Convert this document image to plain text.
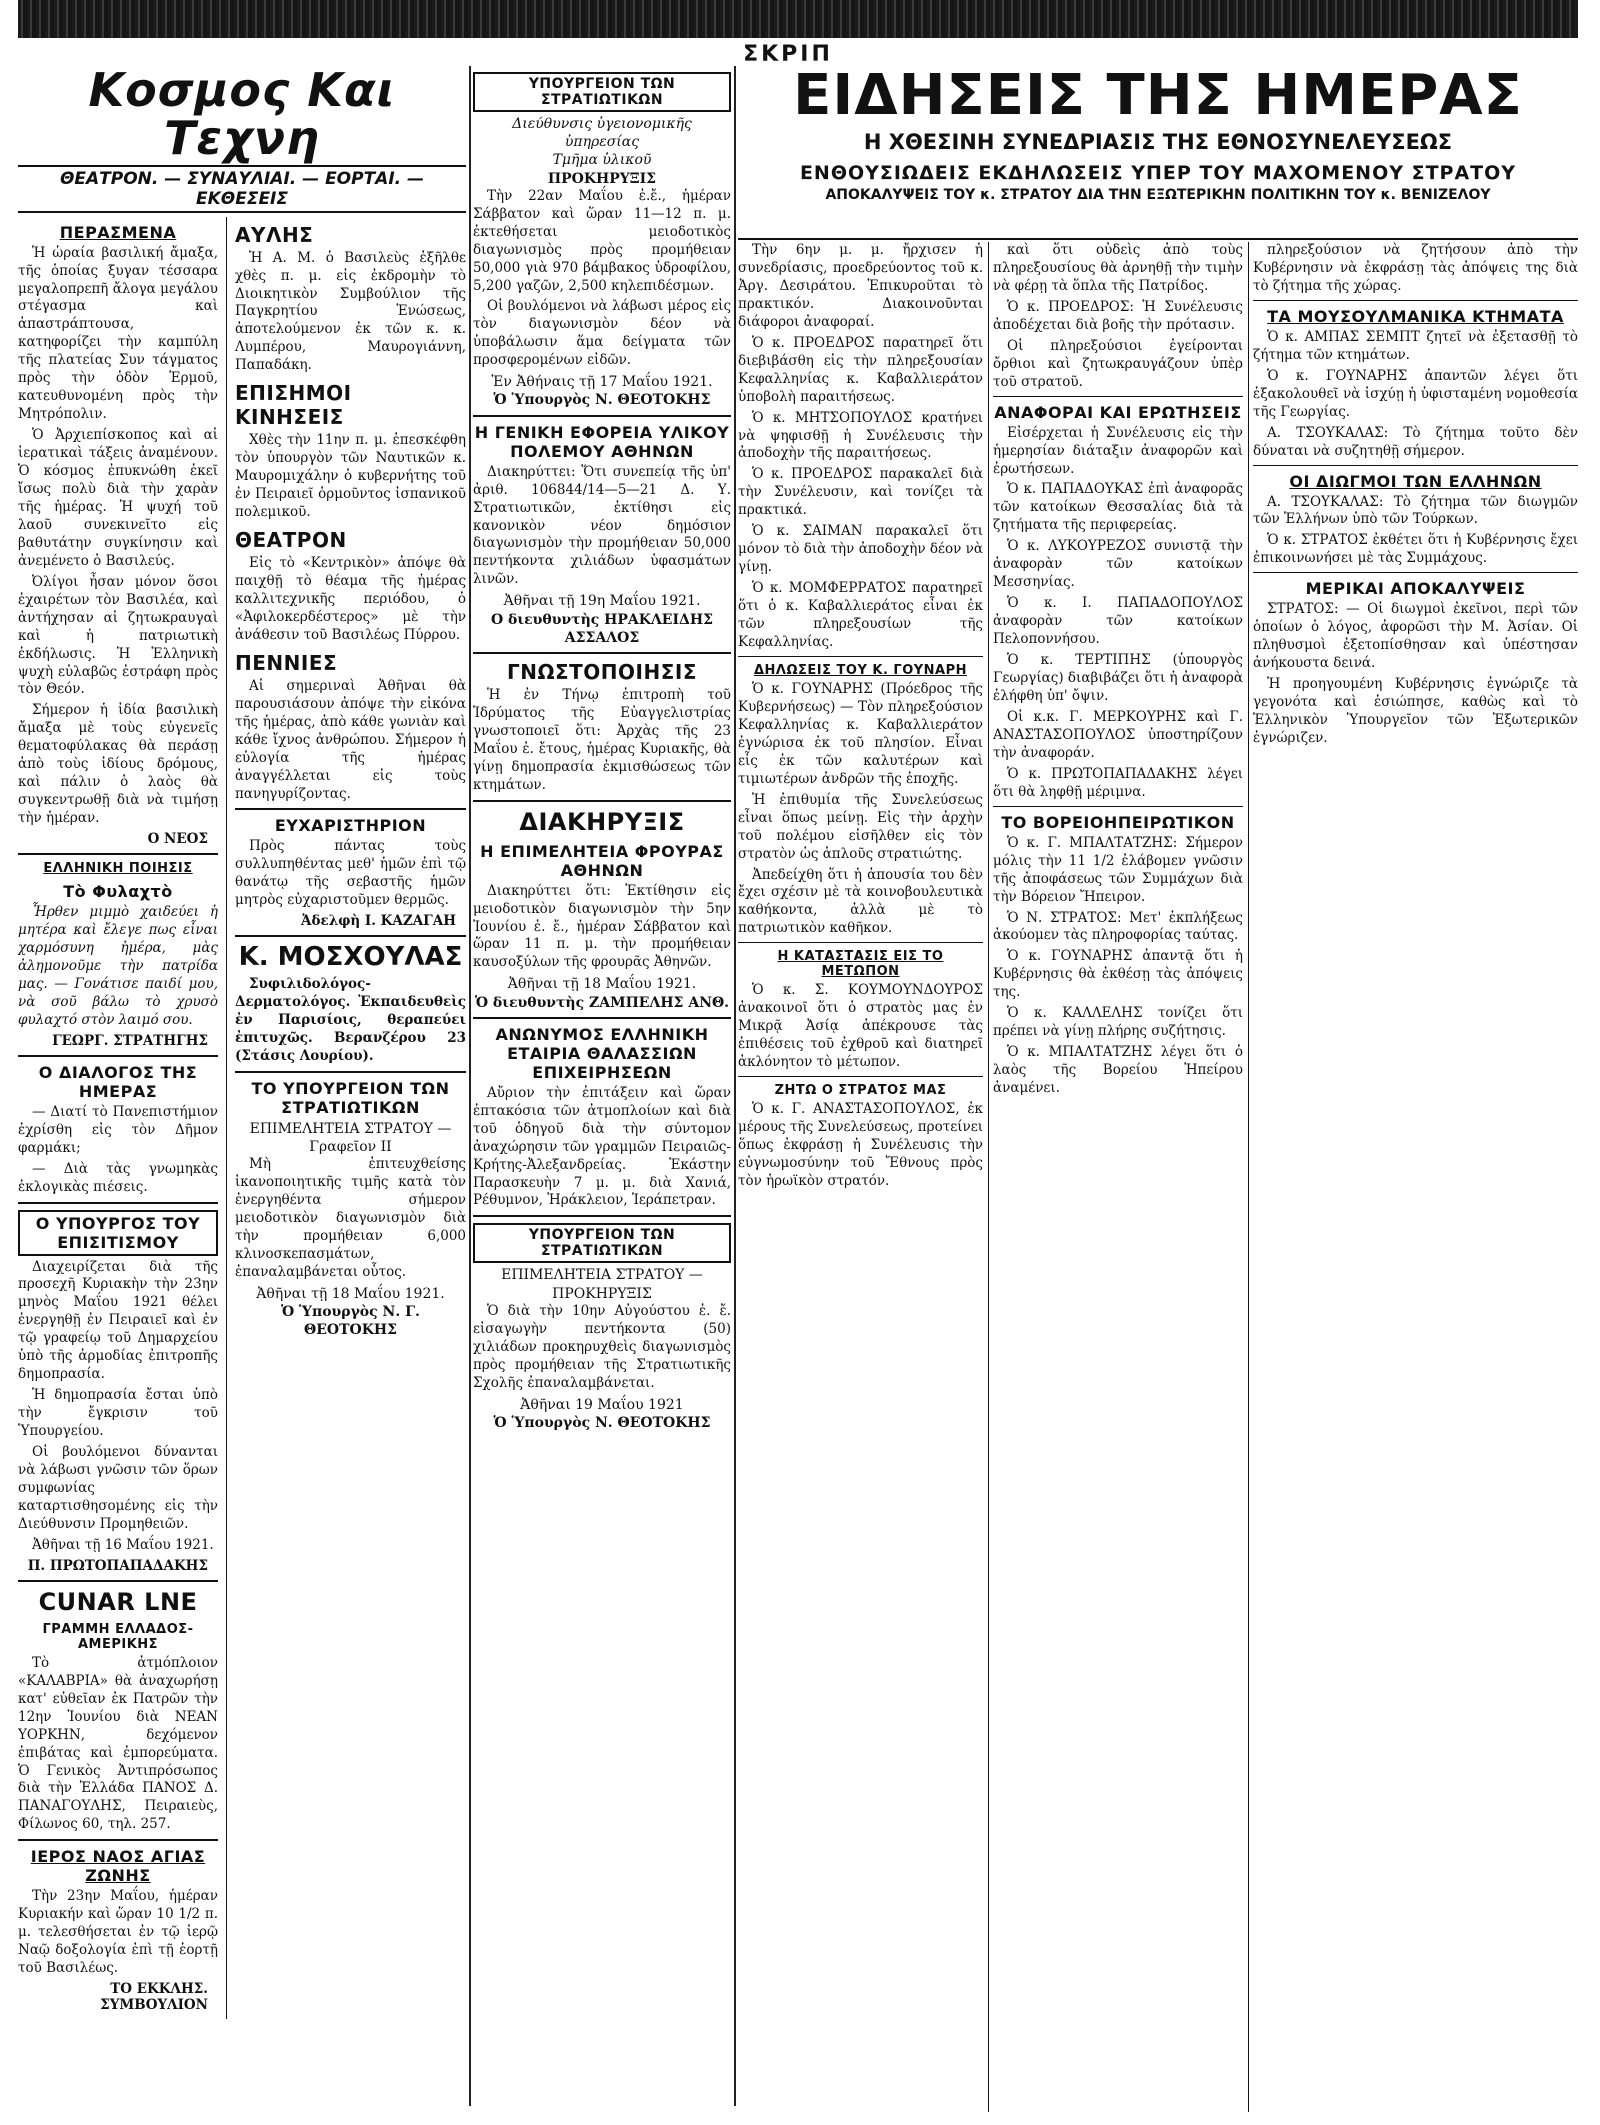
ΣΚΡΙΠ
Κοσμος Και Τεχνη
ΘΕΑΤΡΟΝ. — ΣΥΝΑΥΛΙΑΙ. — ΕΟΡΤΑΙ. — ΕΚΘΕΣΕΙΣ
ΠΕΡΑΣΜΕΝΑ

Ἡ ὡραία βασιλική ἄμαξα, τῆς ὁποίας ξυγαν τέσσαρα μεγαλοπρεπῆ ἄλογα μεγάλου στέγασμα καὶ ἀπαστράπτουσα, κατηφορίζει τὴν καμπύλη τῆς πλατείας Συν τάγματος πρὸς τὴν ὁδὸν Ἑρμοῦ, κατευθυνομένη πρὸς τὴν Μητρόπολιν.

Ὁ Ἀρχιεπίσκοπος καὶ αἱ ἱερατικαὶ τάξεις ἀναμένουν. Ὁ κόσμος ἐπυκνώθη ἐκεῖ ἴσως πολὺ διὰ τὴν χαρὰν τῆς ἡμέρας. Ἡ ψυχή τοῦ λαοῦ συνεκινεῖτο εἰς βαθυτάτην συγκίνησιν καὶ ἀνεμένετο ὁ Βασιλεύς.

Ὀλίγοι ἦσαν μόνον ὅσοι ἐχαιρέτων τὸν Βασιλέα, καὶ ἀντήχησαν αἱ ζητωκραυγαὶ καὶ ἡ πατριωτικὴ ἐκδήλωσις. Ἡ Ἑλληνικὴ ψυχὴ εὐλαβῶς ἐστράφη πρὸς τὸν Θεόν.

Σήμερον ἡ ἰδία βασιλικὴ ἄμαξα μὲ τοὺς εὐγενεῖς θεματοφύλακας θὰ περάσῃ ἀπὸ τοὺς ἰδίους δρόμους, καὶ πάλιν ὁ λαὸς θὰ συγκεντρωθῇ διὰ νὰ τιμήσῃ τὴν ἡμέραν.

Ο ΝΕΟΣ
ΕΛΛΗΝΙΚΗ ΠΟΙΗΣΙΣ
Τὸ Φυλαχτὸ

Ἦρθεν μιμμὸ χαιδεύει ἡ μητέρα καὶ ἔλεγε πως εἶναι χαρμόσυνη ἡμέρα, μὰς ἀλημονοῦμε τὴν πατρίδα μας. — Γονάτισε παιδί μου, νὰ σοῦ βάλω τὸ χρυσὸ φυλαχτό στὸν λαιμό σου.

ΓΕΩΡΓ. ΣΤΡΑΤΗΓΗΣ
Ο ΔΙΑΛΟΓΟΣ ΤΗΣ ΗΜΕΡΑΣ

— Διατί τὸ Πανεπιστήμιον ἐχρίσθη εἰς τὸν Δῆμον φαρμάκι;

— Διὰ τὰς γνωμηκὰς ἐκλογικὰς πιέσεις.

Ο ΥΠΟΥΡΓΟΣ ΤΟΥ ΕΠΙΣΙΤΙΣΜΟΥ

Διαχειρίζεται διὰ τῆς προσεχῆ Κυριακὴν τὴν 23ην μηνὸς Μαΐου 1921 θέλει ἐνεργηθῇ ἐν Πειραιεῖ καὶ ἐν τῷ γραφείῳ τοῦ Δημαρχείου ὑπὸ τῆς ἀρμοδίας ἐπιτροπῆς δημοπρασία.

Ἡ δημοπρασία ἔσται ὑπὸ τὴν ἔγκρισιν τοῦ Ὑπουργείου.

Οἱ βουλόμενοι δύνανται νὰ λάβωσι γνῶσιν τῶν ὅρων συμφωνίας καταρτισθησομένης εἰς τὴν Διεύθυνσιν Προμηθειῶν.

Ἀθῆναι τῇ 16 Μαΐου 1921.

Π. ΠΡΩΤΟΠΑΠΑΔΑΚΗΣ
CUNAR LNE
ΓΡΑΜΜΗ ΕΛΛΑΔΟΣ-ΑΜΕΡΙΚΗΣ

Τὸ ἀτμόπλοιον «ΚΑΛΑΒΡΙΑ» θὰ ἀναχωρήσῃ κατ' εὐθεῖαν ἐκ Πατρῶν τὴν 12ην Ἰουνίου διὰ ΝΕΑΝ ΥΟΡΚΗΝ, δεχόμενον ἐπιβάτας καὶ ἐμπορεύματα. Ὁ Γενικὸς Ἀντιπρόσωπος διὰ τὴν Ἑλλάδα ΠΑΝΟΣ Δ. ΠΑΝΑΓΟΥΛΗΣ, Πειραιεὺς, Φίλωνος 60, τηλ. 257.

ΙΕΡΟΣ ΝΑΟΣ ΑΓΙΑΣ ΖΩΝΗΣ

Τὴν 23ην Μαΐου, ἡμέραν Κυριακήν καὶ ὥραν 10 1/2 π. μ. τελεσθήσεται ἐν τῷ ἱερῷ Ναῷ δοξολογία ἐπὶ τῇ ἑορτῇ τοῦ Βασιλέως.

ΤΟ ΕΚΚΛΗΣ. ΣΥΜΒΟΥΛΙΟΝ
ΑΥΛΗΣ

Ἡ Α. Μ. ὁ Βασιλεὺς ἐξῆλθε χθὲς π. μ. εἰς ἐκδρομὴν τὸ Διοικητικὸν Συμβούλιον τῆς Παγκρητίου Ἑνώσεως, ἀποτελούμενον ἐκ τῶν κ. κ. Λυμπέρου, Μαυρογιάννη, Παπαδάκη.

ΕΠΙΣΗΜΟΙ ΚΙΝΗΣΕΙΣ

Χθὲς τὴν 11ην π. μ. ἐπεσκέφθη τὸν ὑπουργὸν τῶν Ναυτικῶν κ. Μαυρομιχάλην ὁ κυβερνήτης τοῦ ἐν Πειραιεῖ ὁρμοῦντος ἰσπανικοῦ πολεμικοῦ.

ΘΕΑΤΡΟΝ

Εἰς τὸ «Κεντρικὸν» ἀπόψε θὰ παιχθῇ τὸ θέαμα τῆς ἡμέρας καλλιτεχνικῆς περιόδου, ὁ «Ἀφιλοκερδέστερος» μὲ τὴν ἀνάθεσιν τοῦ Βασιλέως Πύρρου.

ΠΕΝΝΙΕΣ

Αἱ σημεριναὶ Ἀθῆναι θὰ παρουσιάσουν ἀπόψε τὴν εἰκόνα τῆς ἡμέρας, ἀπὸ κάθε γωνιὰν καὶ κάθε ἴχνος ἀνθρώπου. Σήμερον ἡ εὐλογία τῆς ἡμέρας ἀναγγέλλεται εἰς τοὺς πανηγυρίζοντας.

ΕΥΧΑΡΙΣΤΗΡΙΟΝ

Πρὸς πάντας τοὺς συλλυπηθέντας μεθ' ἡμῶν ἐπὶ τῷ θανάτῳ τῆς σεβαστῆς ἡμῶν μητρὸς εὐχαριστοῦμεν θερμῶς.

Ἀδελφὴ Ι. ΚΑΖΑΓΑΗ
Κ. ΜΟΣΧΟΥΛΑΣ

Συφιλιδολόγος-Δερματολόγος. Ἐκπαιδευθεὶς ἐν Παρισίοις, θεραπεύει ἐπιτυχῶς. Βερανζέρου 23 (Στάσις Λουρίου).

ΤΟ ΥΠΟΥΡΓΕΙΟΝ ΤΩΝ ΣΤΡΑΤΙΩΤΙΚΩΝ
ΕΠΙΜΕΛΗΤΕΙΑ ΣΤΡΑΤΟΥ — Γραφεῖον ΙΙ

Μὴ ἐπιτευχθείσης ἱκανοποιητικῆς τιμῆς κατὰ τὸν ἐνεργηθέντα σήμερον μειοδοτικὸν διαγωνισμὸν διὰ τὴν προμήθειαν 6,000 κλινοσκεπασμάτων, ἐπαναλαμβάνεται οὗτος.

Ἀθῆναι τῇ 18 Μαΐου 1921.
Ὁ Ὑπουργὸς Ν. Γ. ΘΕΟΤΟΚΗΣ
ΥΠΟΥΡΓΕΙΟΝ ΤΩΝ ΣΤΡΑΤΙΩΤΙΚΩΝ
Διεύθυνσις ὑγειονομικῆς ὑπηρεσίας
Τμῆμα ὑλικοῦ
ΠΡΟΚΗΡΥΞΙΣ

Τὴν 22αν Μαΐου ἐ.ἔ., ἡμέραν Σάββατον καὶ ὥραν 11—12 π. μ. ἐκτεθήσεται μειοδοτικὸς διαγωνισμὸς πρὸς προμήθειαν 50,000 γιὰ 970 βάμβακος ὑδροφίλου, 5,200 γαζῶν, 2,500 κηλεπιδέσμων.

Οἱ βουλόμενοι νὰ λάβωσι μέρος εἰς τὸν διαγωνισμὸν δέον νὰ ὑποβάλωσιν ἅμα δείγματα τῶν προσφερομένων εἰδῶν.

Ἐν Ἀθήναις τῇ 17 Μαΐου 1921.
Ὁ Ὑπουργὸς Ν. ΘΕΟΤΟΚΗΣ
Η ΓΕΝΙΚΗ ΕΦΟΡΕΙΑ ΥΛΙΚΟΥ ΠΟΛΕΜΟΥ ΑΘΗΝΩΝ

Διακηρύττει: Ὅτι συνεπείᾳ τῆς ὑπ' ἀριθ. 106844/14—5—21 Δ. Υ. Στρατιωτικῶν, ἐκτίθησι εἰς κανονικὸν νέον δημόσιον διαγωνισμὸν τὴν προμήθειαν 50,000 πεντήκοντα χιλιάδων ὑφασμάτων λινῶν.

Ἀθῆναι τῇ 19η Μαΐου 1921.
Ο διευθυντὴς ΗΡΑΚΛΕΙΔΗΣ ΑΣΣΑΛΟΣ
ΓΝΩΣΤΟΠΟΙΗΣΙΣ

Ἡ ἐν Τήνῳ ἐπιτροπὴ τοῦ Ἱδρύματος τῆς Εὐαγγελιστρίας γνωστοποιεῖ ὅτι: Ἀρχὰς τῆς 23 Μαΐου ἐ. ἔτους, ἡμέρας Κυριακῆς, θὰ γίνῃ δημοπρασία ἐκμισθώσεως τῶν κτημάτων.

ΔΙΑΚΗΡΥΞΙΣ
Η ΕΠΙΜΕΛΗΤΕΙΑ ΦΡΟΥΡΑΣ ΑΘΗΝΩΝ

Διακηρύττει ὅτι: Ἐκτίθησιν εἰς μειοδοτικὸν διαγωνισμὸν τὴν 5ην Ἰουνίου ἐ. ἔ., ἡμέραν Σάββατον καὶ ὥραν 11 π. μ. τὴν προμήθειαν καυσοξύλων τῆς φρουρᾶς Ἀθηνῶν.

Ἀθῆναι τῇ 18 Μαΐου 1921.
Ὁ διευθυντὴς ΖΑΜΠΕΛΗΣ ΑΝΘ.
ΑΝΩΝΥΜΟΣ ΕΛΛΗΝΙΚΗ ΕΤΑΙΡΙΑ ΘΑΛΑΣΣΙΩΝ ΕΠΙΧΕΙΡΗΣΕΩΝ

Αὔριον τὴν ἐπιτάξειν καὶ ὥραν ἐπτακόσια τῶν ἀτμοπλοίων καὶ διὰ τοῦ ὁδηγοῦ διὰ τὴν σύντομον ἀναχώρησιν τῶν γραμμῶν Πειραιῶς-Κρήτης-Ἀλεξανδρείας. Ἐκάστην Παρασκευὴν 7 μ. μ. διὰ Χανιά, Ρέθυμνον, Ἡράκλειον, Ἱεράπετραν.

ΥΠΟΥΡΓΕΙΟΝ ΤΩΝ ΣΤΡΑΤΙΩΤΙΚΩΝ
ΕΠΙΜΕΛΗΤΕΙΑ ΣΤΡΑΤΟΥ — ΠΡΟΚΗΡΥΞΙΣ

Ὁ διὰ τὴν 10ην Αὐγούστου ἐ. ἔ. εἰσαγωγὴν πεντήκοντα (50) χιλιάδων προκηρυχθεὶς διαγωνισμὸς πρὸς προμήθειαν τῆς Στρατιωτικῆς Σχολῆς ἐπαναλαμβάνεται.

Ἀθῆναι 19 Μαΐου 1921
Ὁ Ὑπουργὸς Ν. ΘΕΟΤΟΚΗΣ
ΕΙΔΗΣΕΙΣ ΤΗΣ ΗΜΕΡΑΣ
Η ΧΘΕΣΙΝΗ ΣΥΝΕΔΡΙΑΣΙΣ ΤΗΣ ΕΘΝΟΣΥΝΕΛΕΥΣΕΩΣ
ΕΝΘΟΥΣΙΩΔΕΙΣ ΕΚΔΗΛΩΣΕΙΣ ΥΠΕΡ ΤΟΥ ΜΑΧΟΜΕΝΟΥ ΣΤΡΑΤΟΥ
ΑΠΟΚΑΛΥΨΕΙΣ ΤΟΥ κ. ΣΤΡΑΤΟΥ ΔΙΑ ΤΗΝ ΕΞΩΤΕΡΙΚΗΝ ΠΟΛΙΤΙΚΗΝ ΤΟΥ κ. ΒΕΝΙΖΕΛΟΥ

Τὴν 6ην μ. μ. ἤρχισεν ἡ συνεδρίασις, προεδρεύοντος τοῦ κ. Ἀργ. Δεσιράτου. Ἐπικυροῦται τὸ πρακτικόν. Διακοινοῦνται διάφοροι ἀναφοραί.

Ὁ κ. ΠΡΟΕΔΡΟΣ παρατηρεῖ ὅτι διεβιβάσθη εἰς τὴν πληρεξουσίαν Κεφαλληνίας κ. Καβαλλιεράτον ὑποβολὴ παραιτήσεως.

Ὁ κ. ΜΗΤΣΟΠΟΥΛΟΣ κρατήνει νὰ ψηφισθῇ ἡ Συνέλευσις τὴν ἀποδοχὴν τῆς παραιτήσεως.

Ὁ κ. ΠΡΟΕΔΡΟΣ παρακαλεῖ διὰ τὴν Συνέλευσιν, καὶ τονίζει τὰ πρακτικά.

Ὁ κ. ΣΑΙΜΑΝ παρακαλεῖ ὅτι μόνον τὸ διὰ τὴν ἀποδοχὴν δέον νὰ γίνῃ.

Ὁ κ. ΜΟΜΦΕΡΡΑΤΟΣ παρατηρεῖ ὅτι ὁ κ. Καβαλλιεράτος εἶναι ἐκ τῶν πληρεξουσίων τῆς Κεφαλληνίας.

ΔΗΛΩΣΕΙΣ ΤΟΥ Κ. ΓΟΥΝΑΡΗ

Ὁ κ. ΓΟΥΝΑΡΗΣ (Πρόεδρος τῆς Κυβερνήσεως) — Τὸν πληρεξούσιον Κεφαλληνίας κ. Καβαλλιεράτον ἐγνώρισα ἐκ τοῦ πλησίον. Εἶναι εἷς ἐκ τῶν καλυτέρων καὶ τιμιωτέρων ἀνδρῶν τῆς ἐποχῆς.

Ἡ ἐπιθυμία τῆς Συνελεύσεως εἶναι ὅπως μείνῃ. Εἰς τὴν ἀρχὴν τοῦ πολέμου εἰσῆλθεν εἰς τὸν στρατὸν ὡς ἁπλοῦς στρατιώτης.

Ἀπεδείχθη ὅτι ἡ ἀπουσία του δὲν ἔχει σχέσιν μὲ τὰ κοινοβουλευτικὰ καθήκοντα, ἀλλὰ μὲ τὸ πατριωτικὸν καθῆκον.

Η ΚΑΤΑΣΤΑΣΙΣ ΕΙΣ ΤΟ ΜΕΤΩΠΟΝ

Ὁ κ. Σ. ΚΟΥΜΟΥΝΔΟΥΡΟΣ ἀνακοινοῖ ὅτι ὁ στρατὸς μας ἐν Μικρᾷ Ἀσίᾳ ἀπέκρουσε τὰς ἐπιθέσεις τοῦ ἐχθροῦ καὶ διατηρεῖ ἀκλόνητον τὸ μέτωπον.

ΖΗΤΩ Ο ΣΤΡΑΤΟΣ ΜΑΣ

Ὁ κ. Γ. ΑΝΑΣΤΑΣΟΠΟΥΛΟΣ, ἐκ μέρους τῆς Συνελεύσεως, προτείνει ὅπως ἐκφράσῃ ἡ Συνέλευσις τὴν εὐγνωμοσύνην τοῦ Ἔθνους πρὸς τὸν ἡρωϊκὸν στρατόν.

καὶ ὅτι οὐδεὶς ἀπὸ τοὺς πληρεξουσίους θὰ ἀρνηθῇ τὴν τιμὴν νὰ φέρῃ τὰ ὅπλα τῆς Πατρίδος.

Ὁ κ. ΠΡΟΕΔΡΟΣ: Ἡ Συνέλευσις ἀποδέχεται διὰ βοῆς τὴν πρότασιν.

Οἱ πληρεξούσιοι ἐγείρονται ὄρθιοι καὶ ζητωκραυγάζουν ὑπὲρ τοῦ στρατοῦ.

ΑΝΑΦΟΡΑΙ ΚΑΙ ΕΡΩΤΗΣΕΙΣ

Εἰσέρχεται ἡ Συνέλευσις εἰς τὴν ἡμερησίαν διάταξιν ἀναφορῶν καὶ ἐρωτήσεων.

Ὁ κ. ΠΑΠΑΔΟΥΚΑΣ ἐπὶ ἀναφορᾶς τῶν κατοίκων Θεσσαλίας διὰ τὰ ζητήματα τῆς περιφερείας.

Ὁ κ. ΛΥΚΟΥΡΕΖΟΣ συνιστᾷ τὴν ἀναφορὰν τῶν κατοίκων Μεσσηνίας.

Ὁ κ. Ι. ΠΑΠΑΔΟΠΟΥΛΟΣ ἀναφορὰν τῶν κατοίκων Πελοποννήσου.

Ὁ κ. ΤΕΡΤΙΠΗΣ (ὑπουργὸς Γεωργίας) διαβιβάζει ὅτι ἡ ἀναφορὰ ἐλήφθη ὑπ' ὄψιν.

Οἱ κ.κ. Γ. ΜΕΡΚΟΥΡΗΣ καὶ Γ. ΑΝΑΣΤΑΣΟΠΟΥΛΟΣ ὑποστηρίζουν τὴν ἀναφοράν.

Ὁ κ. ΠΡΩΤΟΠΑΠΑΔΑΚΗΣ λέγει ὅτι θὰ ληφθῇ μέριμνα.

ΤΟ ΒΟΡΕΙΟΗΠΕΙΡΩΤΙΚΟΝ

Ὁ κ. Γ. ΜΠΑΛΤΑΤΖΗΣ: Σήμερον μόλις τὴν 11 1/2 ἐλάβομεν γνῶσιν τῆς ἀποφάσεως τῶν Συμμάχων διὰ τὴν Βόρειον Ἤπειρον.

Ὁ Ν. ΣΤΡΑΤΟΣ: Μετ' ἐκπλήξεως ἀκούομεν τὰς πληροφορίας ταύτας.

Ὁ κ. ΓΟΥΝΑΡΗΣ ἀπαντᾷ ὅτι ἡ Κυβέρνησις θὰ ἐκθέσῃ τὰς ἀπόψεις της.

Ὁ κ. ΚΑΛΛΕΛΗΣ τονίζει ὅτι πρέπει νὰ γίνῃ πλήρης συζήτησις.

Ὁ κ. ΜΠΑΛΤΑΤΖΗΣ λέγει ὅτι ὁ λαὸς τῆς Βορείου Ἠπείρου ἀναμένει.

πληρεξούσιον νὰ ζητήσουν ἀπὸ τὴν Κυβέρνησιν νὰ ἐκφράσῃ τὰς ἀπόψεις της διὰ τὸ ζήτημα τῆς χώρας.

ΤΑ ΜΟΥΣΟΥΛΜΑΝΙΚΑ ΚΤΗΜΑΤΑ

Ὁ κ. ΑΜΠΑΣ ΣΕΜΠΤ ζητεῖ νὰ ἐξετασθῇ τὸ ζήτημα τῶν κτημάτων.

Ὁ κ. ΓΟΥΝΑΡΗΣ ἀπαντῶν λέγει ὅτι ἐξακολουθεῖ νὰ ἰσχύῃ ἡ ὑφισταμένη νομοθεσία τῆς Γεωργίας.

Α. ΤΣΟΥΚΑΛΑΣ: Τὸ ζήτημα τοῦτο δὲν δύναται νὰ συζητηθῇ σήμερον.

ΟΙ ΔΙΩΓΜΟΙ ΤΩΝ ΕΛΛΗΝΩΝ

Α. ΤΣΟΥΚΑΛΑΣ: Τὸ ζήτημα τῶν διωγμῶν τῶν Ἑλλήνων ὑπὸ τῶν Τούρκων.

Ὁ κ. ΣΤΡΑΤΟΣ ἐκθέτει ὅτι ἡ Κυβέρνησις ἔχει ἐπικοινωνήσει μὲ τὰς Συμμάχους.

ΜΕΡΙΚΑΙ ΑΠΟΚΑΛΥΨΕΙΣ

ΣΤΡΑΤΟΣ: — Οἱ διωγμοὶ ἐκεῖνοι, περὶ τῶν ὁποίων ὁ λόγος, ἀφορῶσι τὴν Μ. Ἀσίαν. Οἱ πληθυσμοὶ ἐξετοπίσθησαν καὶ ὑπέστησαν ἀνήκουστα δεινά.

Ἡ προηγουμένη Κυβέρνησις ἐγνώριζε τὰ γεγονότα καὶ ἐσιώπησε, καθὼς καὶ τὸ Ἑλληνικὸν Ὑπουργεῖον τῶν Ἐξωτερικῶν ἐγνώριζεν.
